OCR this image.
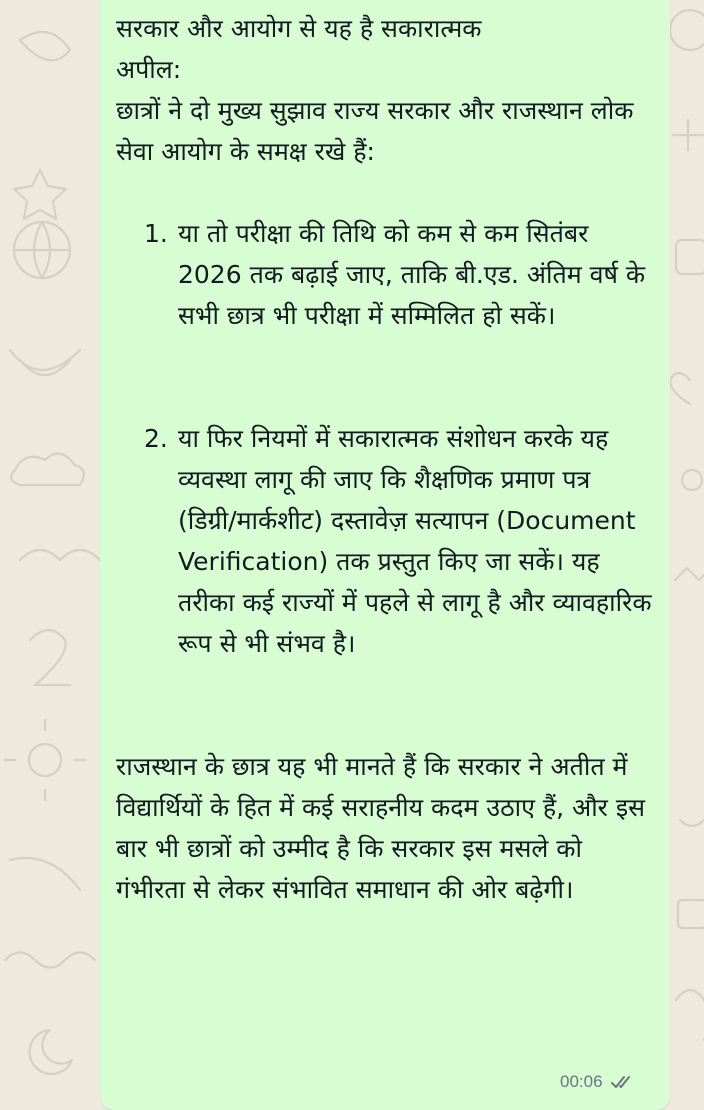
सरकार और आयोग से यह है सकारात्मक

अपील:

छात्रों ने दो मुख्य सुझाव राज्य सरकार और राजस्थान लोक सेवा आयोग के समक्ष रखे हैं:

1. या तो परीक्षा की तिथि को कम से कम सितंबर 2026 तक बढ़ाई जाए, ताकि बी.एड. अंतिम वर्ष के सभी छात्र भी परीक्षा में सम्मिलित हो सकें।
2. या फिर नियमों में सकारात्मक संशोधन करके यह व्यवस्था लागू की जाए कि शैक्षणिक प्रमाण पत्र (डिग्री/मार्कशीट) दस्तावेज़ सत्यापन (Document Verification) तक प्रस्तुत किए जा सकें। यह तरीका कई राज्यों में पहले से लागू है और व्यावहारिक रूप से भी संभव है।

राजस्थान के छात्र यह भी मानते हैं कि सरकार ने अतीत में विद्यार्थियों के हित में कई सराहनीय कदम उठाए हैं, और इस बार भी छात्रों को उम्मीद है कि सरकार इस मसले को गंभीरता से लेकर संभावित समाधान की ओर बढ़ेगी।

00:06
